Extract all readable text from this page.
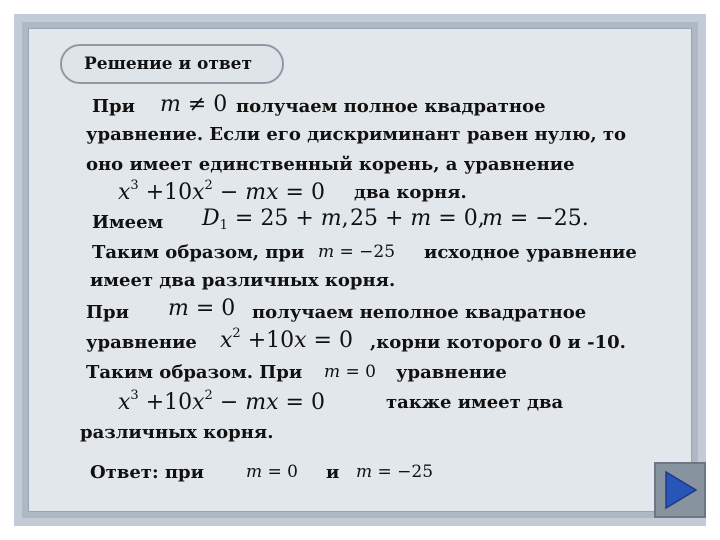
Решение и ответ
При m ≠ 0 получаем полное квадратное
уравнение. Если его дискриминант равен нулю, то
оно имеет единственный корень, а уравнение
$x^3 +10x^2$ − mx = 0 два корня.
Имеем $D_1 = 25 + m$, 25 + m = 0,
m = −25.
Таким образом, при m = −25 исходное уравнение
имеет два различных корня.
При m = 0 получаем неполное квадратное
уравнение $x^2 +10x = 0$ ,корни которого 0 и -10.
Таким образом. При m = 0 уравнение
$x^3 +10x^2$ − mx = 0	также имеет два
различных корня.
Ответ: при m = 0 и m = −25
